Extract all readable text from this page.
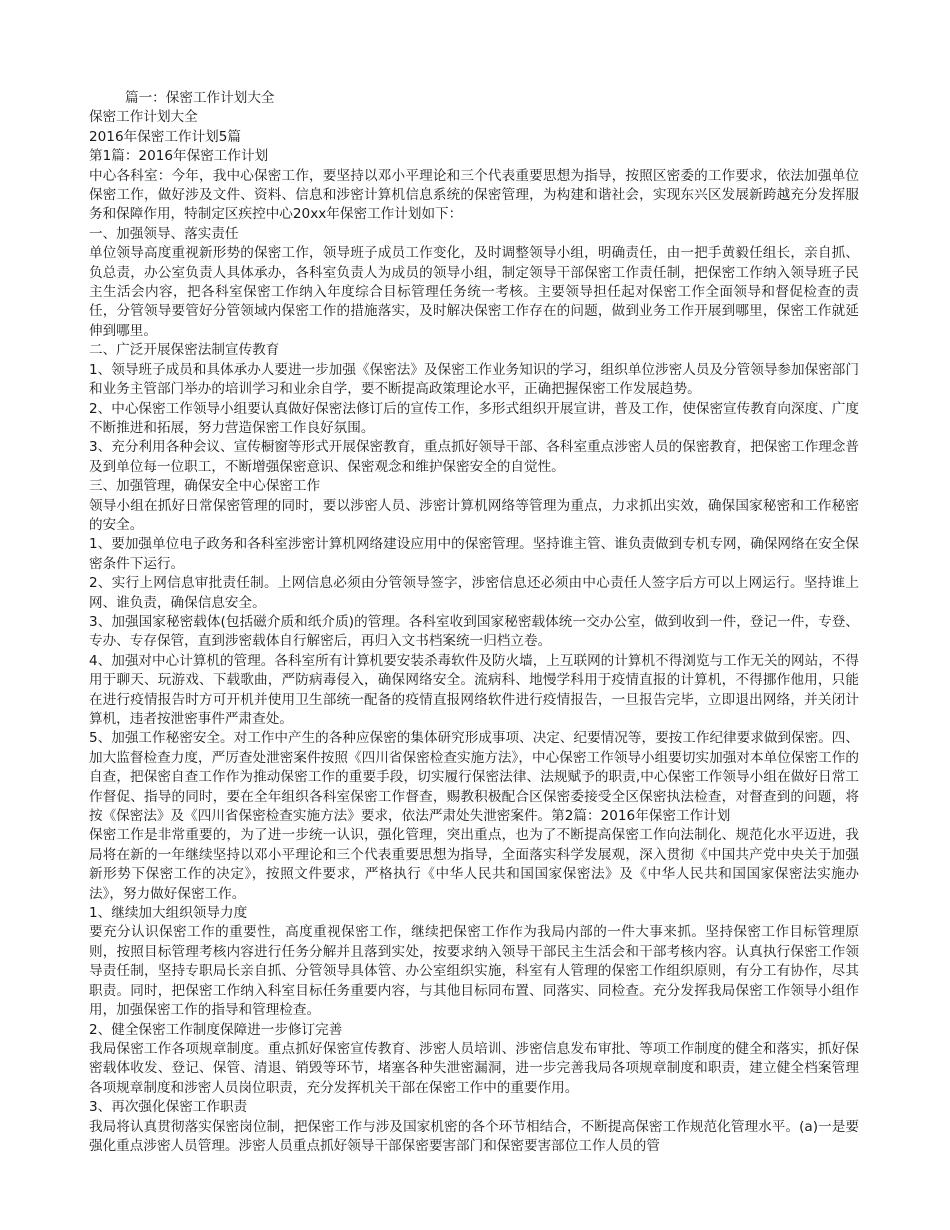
篇一：保密工作计划大全

保密工作计划大全

2016年保密工作计划5篇

第1篇：2016年保密工作计划

中心各科室：今年，我中心保密工作，要坚持以邓小平理论和三个代表重要思想为指导，按照区密委的工作要求，依法加强单位保密工作，做好涉及文件、资料、信息和涉密计算机信息系统的保密管理，为构建和谐社会，实现东兴区发展新跨越充分发挥服务和保障作用，特制定区疾控中心20xx年保密工作计划如下：

一、加强领导、落实责任

单位领导高度重视新形势的保密工作，领导班子成员工作变化，及时调整领导小组，明确责任，由一把手黄毅任组长，亲自抓、负总责，办公室负责人具体承办，各科室负责人为成员的领导小组，制定领导干部保密工作责任制，把保密工作纳入领导班子民主生活会内容，把各科室保密工作纳入年度综合目标管理任务统一考核。主要领导担任起对保密工作全面领导和督促检查的责任，分管领导要管好分管领域内保密工作的措施落实，及时解决保密工作存在的问题，做到业务工作开展到哪里，保密工作就延伸到哪里。

二、广泛开展保密法制宣传教育

1、领导班子成员和具体承办人要进一步加强《保密法》及保密工作业务知识的学习，组织单位涉密人员及分管领导参加保密部门和业务主管部门举办的培训学习和业余自学，要不断提高政策理论水平，正确把握保密工作发展趋势。

2、中心保密工作领导小组要认真做好保密法修订后的宣传工作，多形式组织开展宣讲，普及工作，使保密宣传教育向深度、广度不断推进和拓展，努力营造保密工作良好氛围。

3、充分利用各种会议、宣传橱窗等形式开展保密教育，重点抓好领导干部、各科室重点涉密人员的保密教育，把保密工作理念普及到单位每一位职工，不断增强保密意识、保密观念和维护保密安全的自觉性。

三、加强管理，确保安全中心保密工作

领导小组在抓好日常保密管理的同时，要以涉密人员、涉密计算机网络等管理为重点，力求抓出实效，确保国家秘密和工作秘密的安全。

1、要加强单位电子政务和各科室涉密计算机网络建设应用中的保密管理。坚持谁主管、谁负责做到专机专网，确保网络在安全保密条件下运行。

2、实行上网信息审批责任制。上网信息必须由分管领导签字，涉密信息还必须由中心责任人签字后方可以上网运行。坚持谁上网、谁负责，确保信息安全。

3、加强国家秘密载体(包括磁介质和纸介质)的管理。各科室收到国家秘密载体统一交办公室，做到收到一件，登记一件，专登、专办、专存保管，直到涉密载体自行解密后，再归入文书档案统一归档立卷。

4、加强对中心计算机的管理。各科室所有计算机要安装杀毒软件及防火墙，上互联网的计算机不得浏览与工作无关的网站，不得用于聊天、玩游戏、下载歌曲，严防病毒侵入，确保网络安全。流病科、地慢学科用于疫情直报的计算机，不得挪作他用，只能在进行疫情报告时方可开机并使用卫生部统一配备的疫情直报网络软件进行疫情报告，一旦报告完毕，立即退出网络，并关闭计算机，违者按泄密事件严肃查处。

5、加强工作秘密安全。对工作中产生的各种应保密的集体研究形成事项、决定、纪要情况等，要按工作纪律要求做到保密。四、加大监督检查力度，严厉查处泄密案件按照《四川省保密检查实施方法》，中心保密工作领导小组要切实加强对本单位保密工作的自查，把保密自查工作作为推动保密工作的重要手段，切实履行保密法律、法规赋予的职责,中心保密工作领导小组在做好日常工作督促、指导的同时，要在全年组织各科室保密工作督查，赐教积极配合区保密委接受全区保密执法检查，对督查到的问题，将按《保密法》及《四川省保密检查实施方法》要求，依法严肃处失泄密案件。第2篇：2016年保密工作计划

保密工作是非常重要的，为了进一步统一认识，强化管理，突出重点，也为了不断提高保密工作向法制化、规范化水平迈进，我局将在新的一年继续坚持以邓小平理论和三个代表重要思想为指导，全面落实科学发展观，深入贯彻《中国共产党中央关于加强新形势下保密工作的决定》，按照文件要求，严格执行《中华人民共和国国家保密法》及《中华人民共和国国家保密法实施办法》，努力做好保密工作。

1、继续加大组织领导力度

要充分认识保密工作的重要性，高度重视保密工作，继续把保密工作作为我局内部的一件大事来抓。坚持保密工作目标管理原则，按照目标管理考核内容进行任务分解并且落到实处，按要求纳入领导干部民主生活会和干部考核内容。认真执行保密工作领导责任制，坚持专职局长亲自抓、分管领导具体管、办公室组织实施，科室有人管理的保密工作组织原则，有分工有协作，尽其职责。同时，把保密工作纳入科室目标任务重要内容，与其他目标同布置、同落实、同检查。充分发挥我局保密工作领导小组作用，加强保密工作的指导和管理检查。

2、健全保密工作制度保障进一步修订完善

我局保密工作各项规章制度。重点抓好保密宣传教育、涉密人员培训、涉密信息发布审批、等项工作制度的健全和落实，抓好保密载体收发、登记、保管、清退、销毁等环节，堵塞各种失泄密漏洞，进一步完善我局各项规章制度和职责，建立健全档案管理各项规章制度和涉密人员岗位职责，充分发挥机关干部在保密工作中的重要作用。

3、再次强化保密工作职责

我局将认真贯彻落实保密岗位制，把保密工作与涉及国家机密的各个环节相结合，不断提高保密工作规范化管理水平。(a)一是要强化重点涉密人员管理。涉密人员重点抓好领导干部保密要害部门和保密要害部位工作人员的管
